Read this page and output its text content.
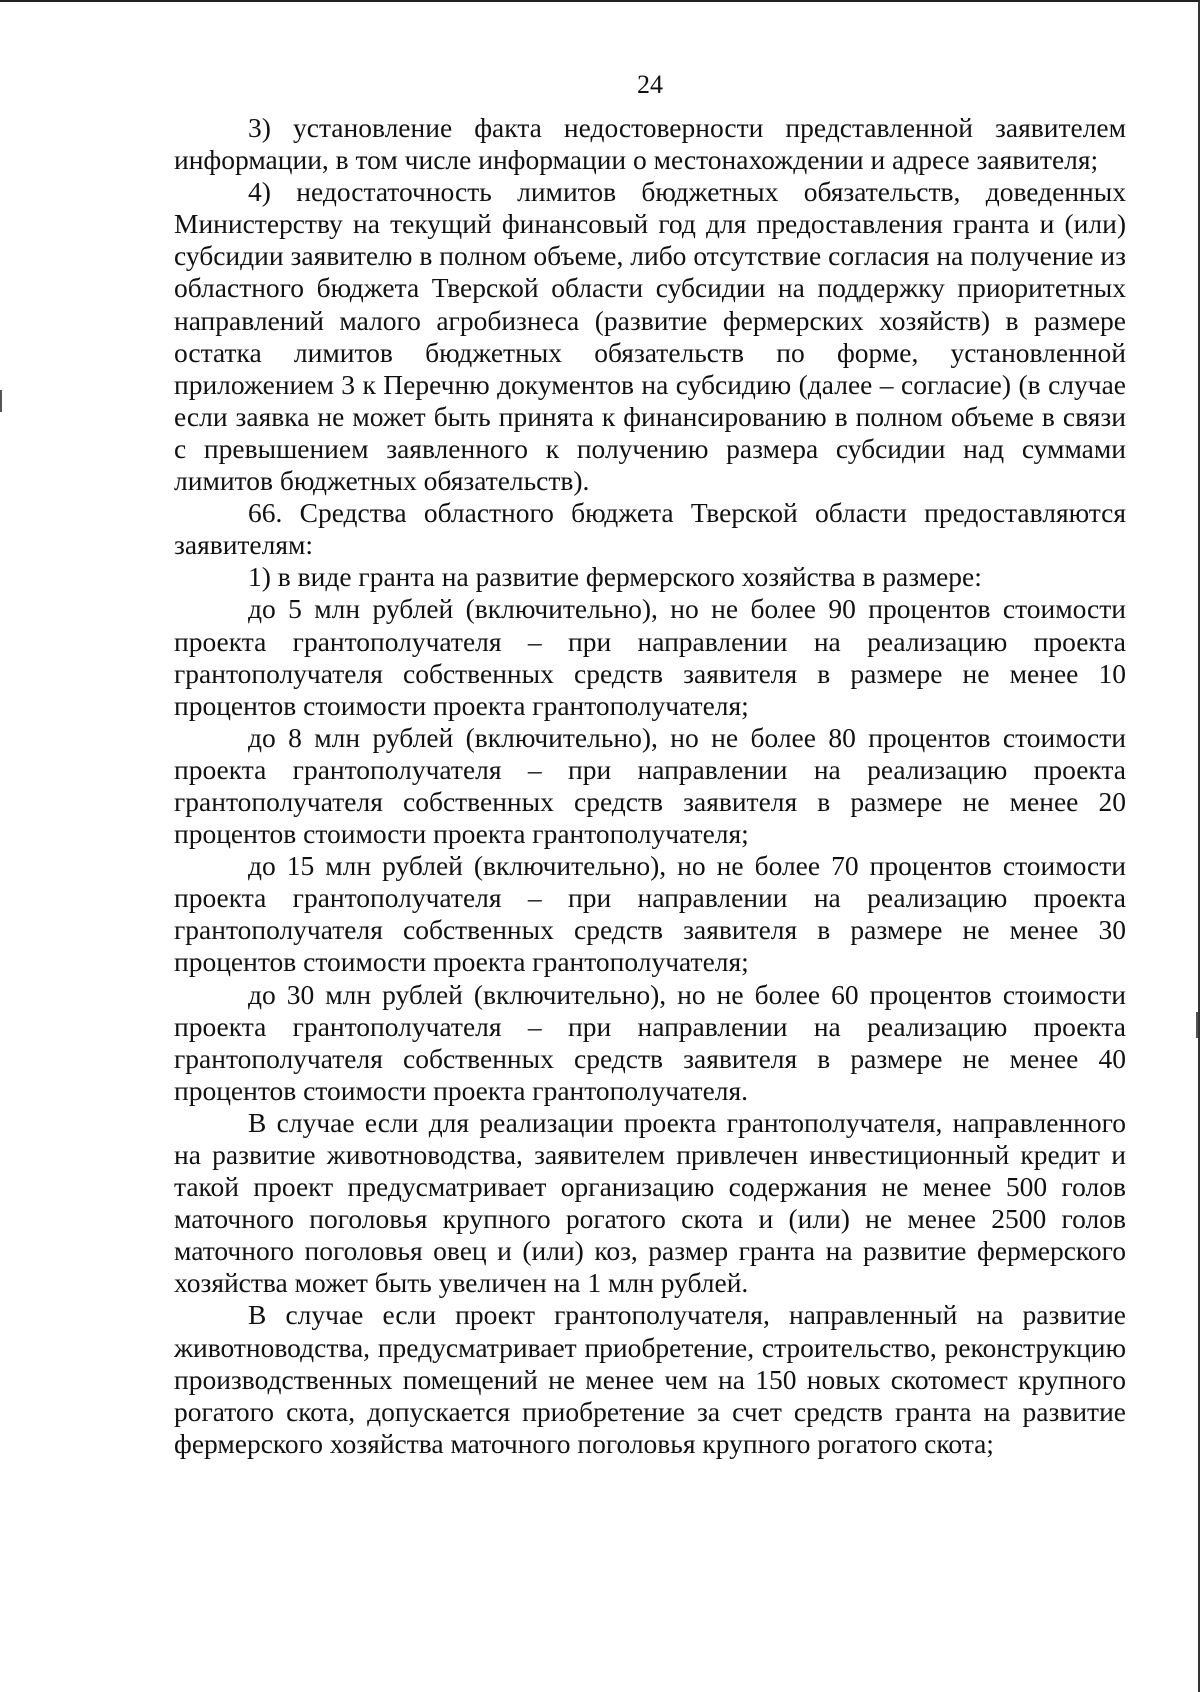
24

3) установление факта недостоверности представленной заявителем информации, в том числе информации о местонахождении и адресе заявителя;

4) недостаточность лимитов бюджетных обязательств, доведенных Министерству на текущий финансовый год для предоставления гранта и (или) субсидии заявителю в полном объеме, либо отсутствие согласия на получение из областного бюджета Тверской области субсидии на поддержку приоритетных направлений малого агробизнеса (развитие фермерских хозяйств) в размере остатка лимитов бюджетных обязательств по форме, установленной приложением 3 к Перечню документов на субсидию (далее – согласие) (в случае если заявка не может быть принята к финансированию в полном объеме в связи с превышением заявленного к получению размера субсидии над суммами лимитов бюджетных обязательств).

66. Средства областного бюджета Тверской области предоставляются заявителям:

1) в виде гранта на развитие фермерского хозяйства в размере:

до 5 млн рублей (включительно), но не более 90 процентов стоимости проекта грантополучателя – при направлении на реализацию проекта грантополучателя собственных средств заявителя в размере не менее 10 процентов стоимости проекта грантополучателя;

до 8 млн рублей (включительно), но не более 80 процентов стоимости проекта грантополучателя – при направлении на реализацию проекта грантополучателя собственных средств заявителя в размере не менее 20 процентов стоимости проекта грантополучателя;

до 15 млн рублей (включительно), но не более 70 процентов стоимости проекта грантополучателя – при направлении на реализацию проекта грантополучателя собственных средств заявителя в размере не менее 30 процентов стоимости проекта грантополучателя;

до 30 млн рублей (включительно), но не более 60 процентов стоимости проекта грантополучателя – при направлении на реализацию проекта грантополучателя собственных средств заявителя в размере не менее 40 процентов стоимости проекта грантополучателя.

В случае если для реализации проекта грантополучателя, направленного на развитие животноводства, заявителем привлечен инвестиционный кредит и такой проект предусматривает организацию содержания не менее 500 голов маточного поголовья крупного рогатого скота и (или) не менее 2500 голов маточного поголовья овец и (или) коз, размер гранта на развитие фермерского хозяйства может быть увеличен на 1 млн рублей.

В случае если проект грантополучателя, направленный на развитие животноводства, предусматривает приобретение, строительство, реконструкцию производственных помещений не менее чем на 150 новых скотомест крупного рогатого скота, допускается приобретение за счет средств гранта на развитие фермерского хозяйства маточного поголовья крупного рогатого скота;
